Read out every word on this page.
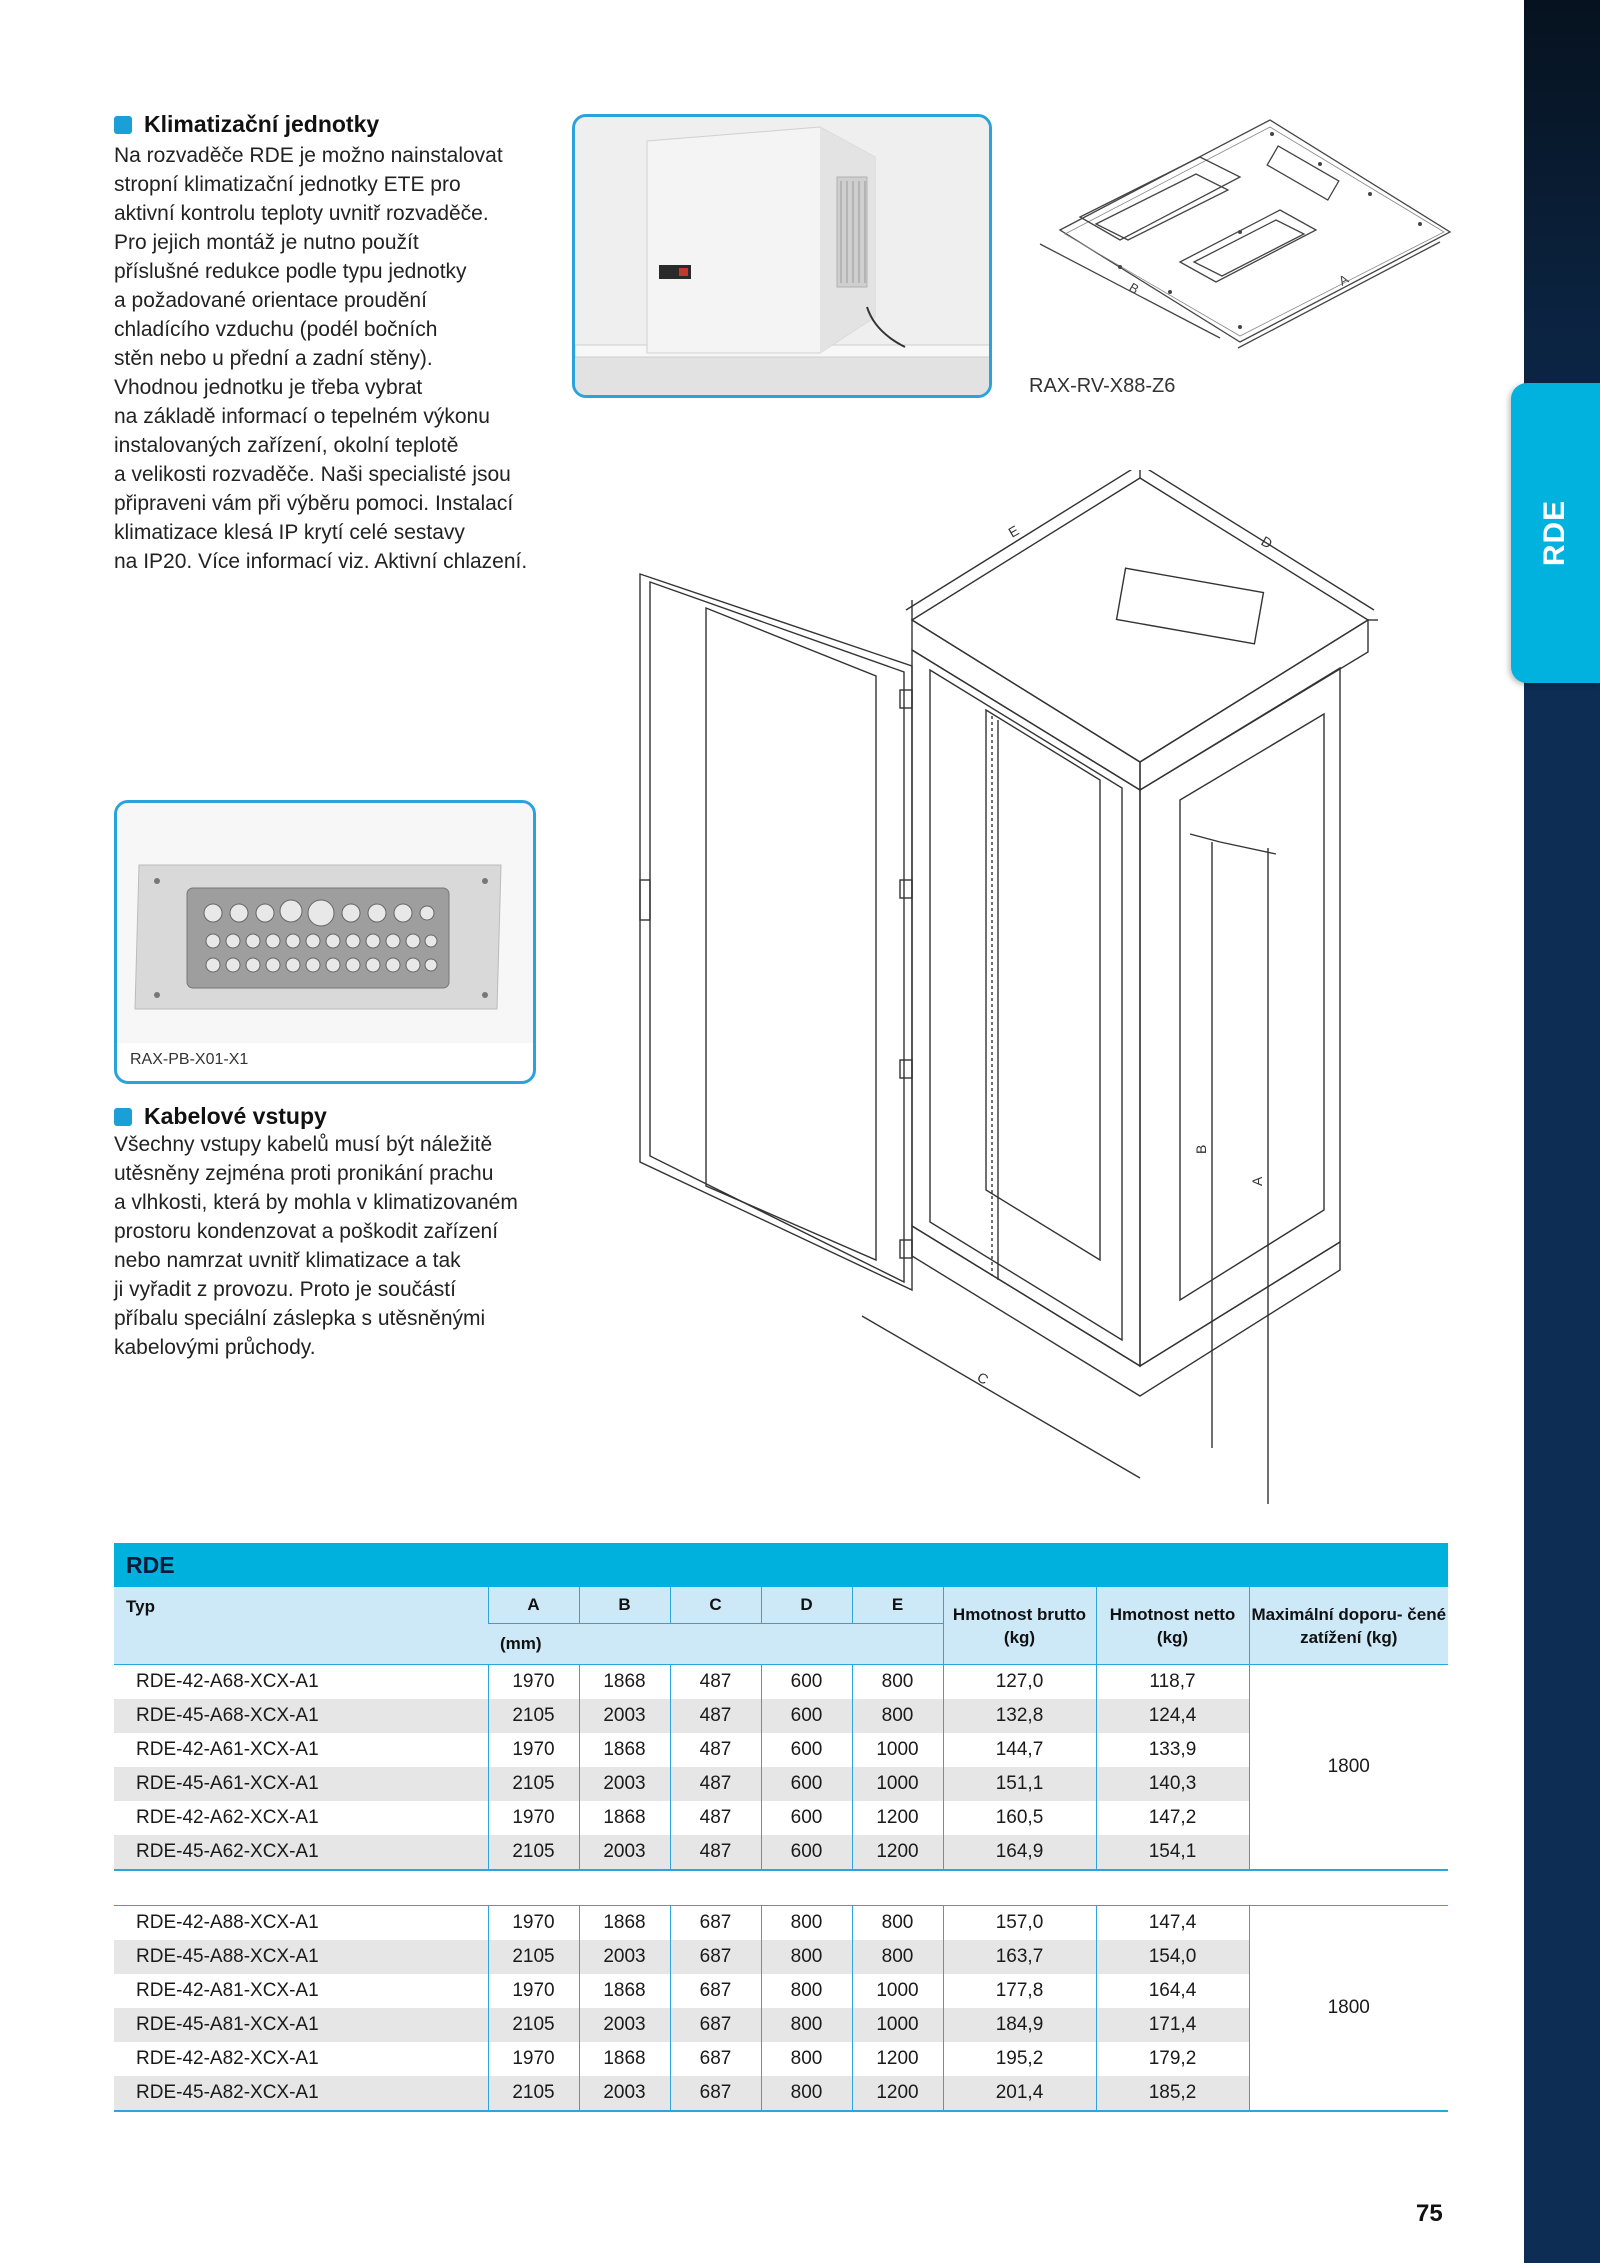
RDE
Klimatizační jednotky
Na rozvaděče RDE je možno nainstalovat
stropní klimatizační jednotky ETE pro
aktivní kontrolu teploty uvnitř rozvaděče.
Pro jejich montáž je nutno použít
příslušné redukce podle typu jednotky
a požadované orientace proudění
chladícího vzduchu (podél bočních
stěn nebo u přední a zadní stěny).
Vhodnou jednotku je třeba vybrat
na základě informací o tepelném výkonu
instalovaných zařízení, okolní teplotě
a velikosti rozvaděče. Naši specialisté jsou
připraveni vám při výběru pomoci. Instalací
klimatizace klesá IP krytí celé sestavy
na IP20. Více informací viz. Aktivní chlazení.
B	A
RAX-RV-X88-Z6
RAX-PB-X01-X1
Kabelové vstupy
Všechny vstupy kabelů musí být náležitě
utěsněny zejména proti pronikání prachu
a vlhkosti, která by mohla v klimatizovaném
prostoru kondenzovat a poškodit zařízení
nebo namrzat uvnitř klimatizace a tak
ji vyřadit z provozu. Proto je součástí
příbalu speciální záslepka s utěsněnými
kabelovými průchody.
E
D
C
B
A
RDE
Typ	A	B	C	D	E	Hmotnost brutto (kg)	Hmotnost netto (kg)	Maximální doporu- čené zatížení (kg)
	(mm)							
RDE-42-A68-XCX-A1	1970	1868	487	600	800	127,0	118,7	1800
RDE-45-A68-XCX-A1	2105	2003	487	600	800	132,8	124,4	
RDE-42-A61-XCX-A1	1970	1868	487	600	1000	144,7	133,9	
RDE-45-A61-XCX-A1	2105	2003	487	600	1000	151,1	140,3	
RDE-42-A62-XCX-A1	1970	1868	487	600	1200	160,5	147,2	
RDE-45-A62-XCX-A1	2105	2003	487	600	1200	164,9	154,1	

RDE-42-A88-XCX-A1	1970	1868	687	800	800	157,0	147,4	1800
RDE-45-A88-XCX-A1	2105	2003	687	800	800	163,7	154,0	
RDE-42-A81-XCX-A1	1970	1868	687	800	1000	177,8	164,4	
RDE-45-A81-XCX-A1	2105	2003	687	800	1000	184,9	171,4	
RDE-42-A82-XCX-A1	1970	1868	687	800	1200	195,2	179,2	
RDE-45-A82-XCX-A1	2105	2003	687	800	1200	201,4	185,2	
75
